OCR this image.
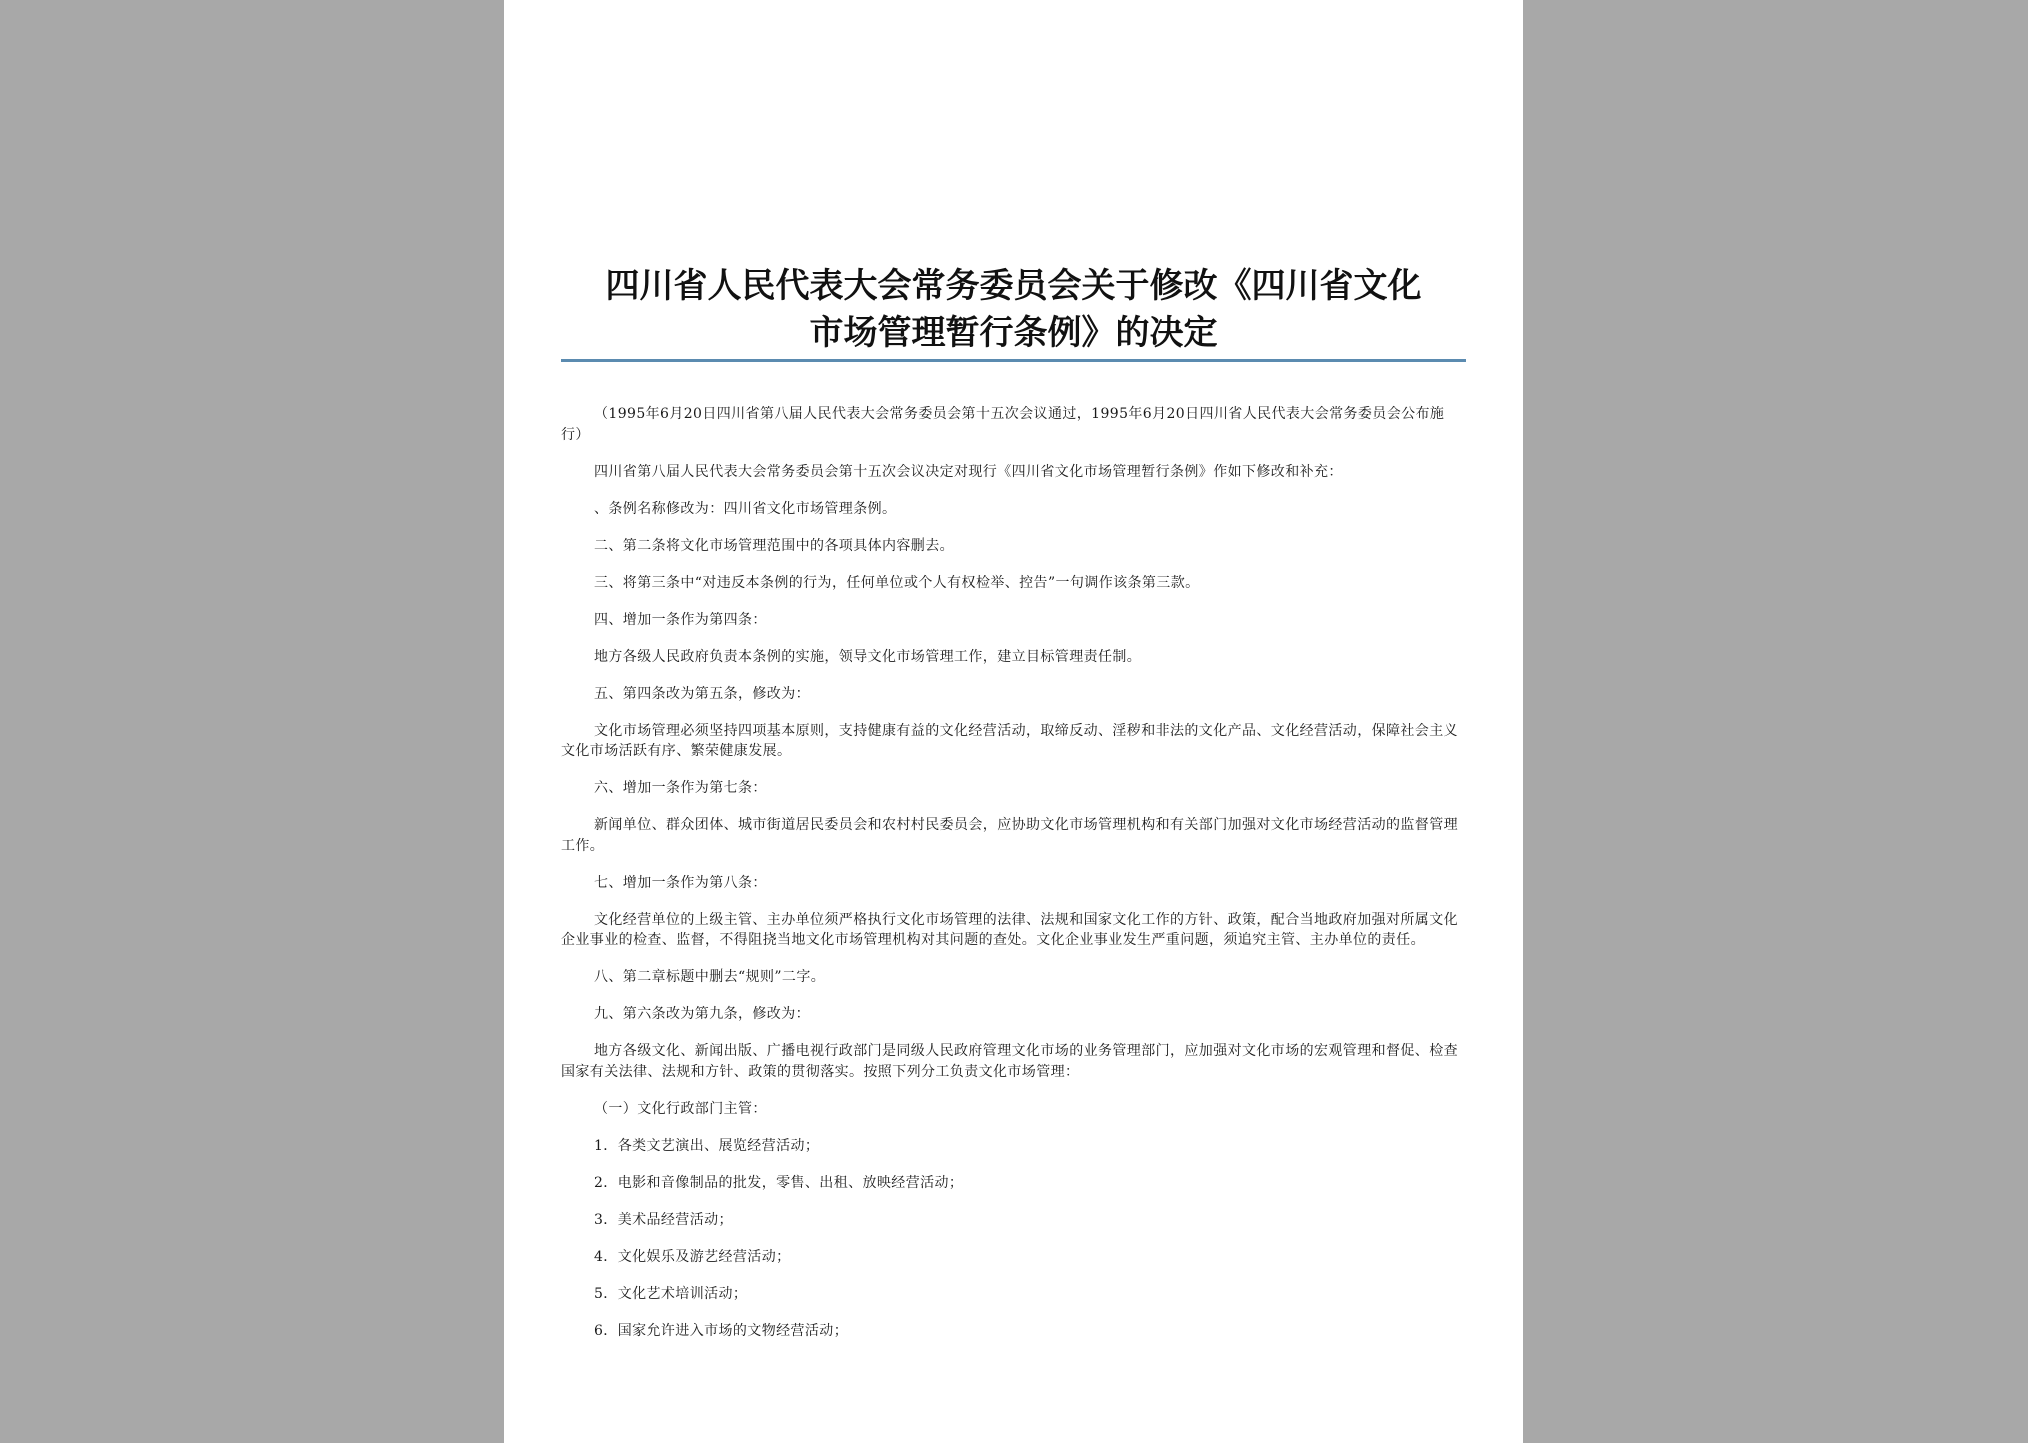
四川省人民代表大会常务委员会关于修改《四川省文化
市场管理暂行条例》的决定

（1995年6月20日四川省第八届人民代表大会常务委员会第十五次会议通过，1995年6月20日四川省人民代表大会常务委员会公布施行）

四川省第八届人民代表大会常务委员会第十五次会议决定对现行《四川省文化市场管理暂行条例》作如下修改和补充：

、条例名称修改为：四川省文化市场管理条例。

二、第二条将文化市场管理范围中的各项具体内容删去。

三、将第三条中“对违反本条例的行为，任何单位或个人有权检举、控告”一句调作该条第三款。

四、增加一条作为第四条：

地方各级人民政府负责本条例的实施，领导文化市场管理工作，建立目标管理责任制。

五、第四条改为第五条，修改为：

文化市场管理必须坚持四项基本原则，支持健康有益的文化经营活动，取缔反动、淫秽和非法的文化产品、文化经营活动，保障社会主义文化市场活跃有序、繁荣健康发展。

六、增加一条作为第七条：

新闻单位、群众团体、城市街道居民委员会和农村村民委员会，应协助文化市场管理机构和有关部门加强对文化市场经营活动的监督管理工作。

七、增加一条作为第八条：

文化经营单位的上级主管、主办单位须严格执行文化市场管理的法律、法规和国家文化工作的方针、政策，配合当地政府加强对所属文化企业事业的检查、监督，不得阻挠当地文化市场管理机构对其问题的查处。文化企业事业发生严重问题，须追究主管、主办单位的责任。

八、第二章标题中删去“规则”二字。

九、第六条改为第九条，修改为：

地方各级文化、新闻出版、广播电视行政部门是同级人民政府管理文化市场的业务管理部门，应加强对文化市场的宏观管理和督促、检查国家有关法律、法规和方针、政策的贯彻落实。按照下列分工负责文化市场管理：

（一）文化行政部门主管：

1．各类文艺演出、展览经营活动；

2．电影和音像制品的批发，零售、出租、放映经营活动；

3．美术品经营活动；

4．文化娱乐及游艺经营活动；

5．文化艺术培训活动；

6．国家允许进入市场的文物经营活动；
